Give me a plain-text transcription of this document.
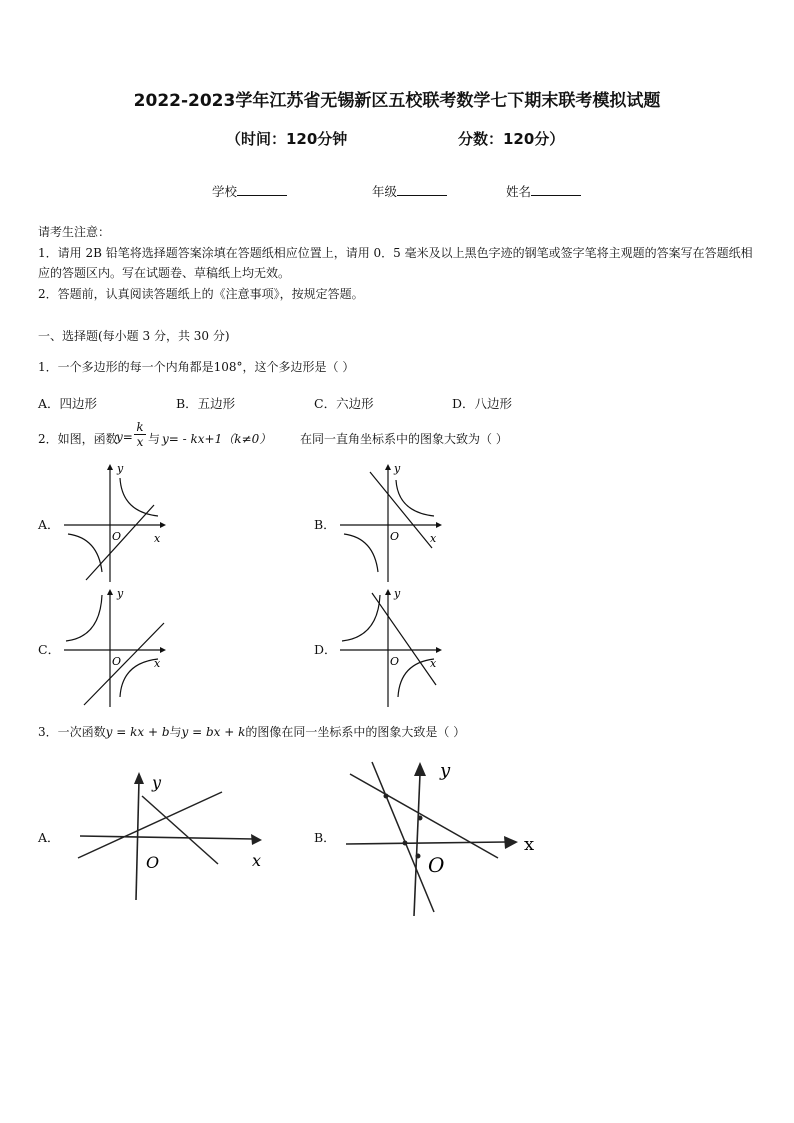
2022-2023学年江苏省无锡新区五校联考数学七下期末联考模拟试题
（时间：120分钟	分数：120分）
学校	年级	姓名
请考生注意：
1．请用 2B 铅笔将选择题答案涂填在答题纸相应位置上，请用 0．5 毫米及以上黑色字迹的钢笔或签字笔将主观题的答案写在答题纸相应的答题区内。写在试题卷、草稿纸上均无效。
2．答题前，认真阅读答题纸上的《注意事项》，按规定答题。
一、选择题(每小题 3 分，共 30 分)
1．一个多边形的每一个内角都是108°，这个多边形是（ ）
A．四边形	B．五边形	C．六边形	D．八边形
2．如图，函数
$y= \frac{k}{x}$ 与 y= - kx+1（k≠0） 在同一直角坐标系中的图象大致为（ ）
A．	B．
C．	D．
y
x
O
y
x
O
y
x
O
y
x
O
3．一次函数y = kx + b与y = bx + k的图像在同一坐标系中的图象大致是（ ）
A．	B．
y
x
O
y
x
O
